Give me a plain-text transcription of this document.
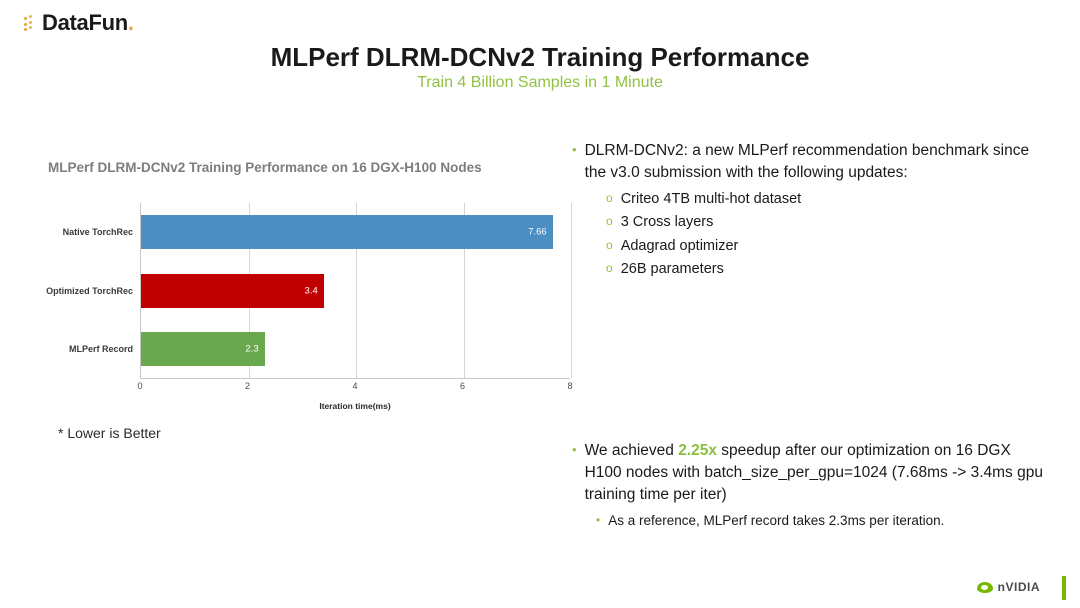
DataFun.
MLPerf DLRM-DCNv2 Training Performance
Train 4 Billion Samples in 1 Minute
MLPerf DLRM-DCNv2 Training Performance on 16 DGX-H100 Nodes
Native TorchRec	7.66
Optimized TorchRec	3.4
MLPerf Record	2.3
0	2	4	6	8
Iteration time(ms)
* Lower is Better
• DLRM-DCNv2: a new MLPerf recommendation benchmark since
the v3.0 submission with the following updates:
o Criteo 4TB multi-hot dataset
o 3 Cross layers
o Adagrad optimizer
o 26B parameters
• We achieved 2.25x speedup after our optimization on 16 DGX H100 nodes with batch_size_per_gpu=1024 (7.68ms -> 3.4ms gpu training time per iter)
• As a reference, MLPerf record takes 2.3ms per iteration.
nVIDIA
